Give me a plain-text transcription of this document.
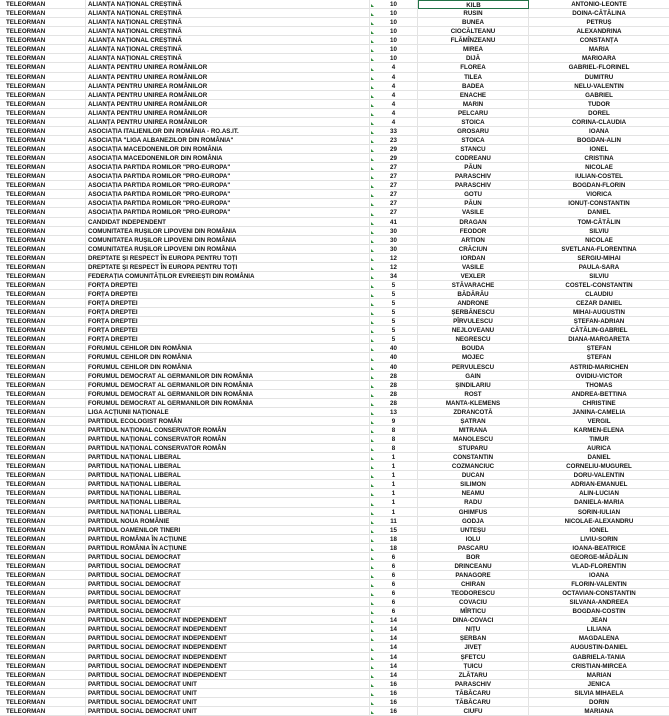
TELEORMAN	ALIANȚA NAȚIONAL CREȘTINĂ	10	KILB	ANTONIO-LEONTE
TELEORMAN	ALIANȚA NAȚIONAL CREȘTINĂ	10	RUSIN	DOINA-CĂTĂLINA
TELEORMAN	ALIANȚA NAȚIONAL CREȘTINĂ	10	BUNEA	PETRUȘ
TELEORMAN	ALIANȚA NAȚIONAL CREȘTINĂ	10	CIOCĂLTEANU	ALEXANDRINA
TELEORMAN	ALIANȚA NAȚIONAL CREȘTINĂ	10	FLĂMÎNZEANU	CONSTANȚA
TELEORMAN	ALIANȚA NAȚIONAL CREȘTINĂ	10	MIREA	MARIA
TELEORMAN	ALIANȚA NAȚIONAL CREȘTINĂ	10	DIJĂ	MARIOARA
TELEORMAN	ALIANȚA PENTRU UNIREA ROMÂNILOR	4	FLOREA	GABRIEL-FLORINEL
TELEORMAN	ALIANȚA PENTRU UNIREA ROMÂNILOR	4	TILEA	DUMITRU
TELEORMAN	ALIANȚA PENTRU UNIREA ROMÂNILOR	4	BADEA	NELU-VALENTIN
TELEORMAN	ALIANȚA PENTRU UNIREA ROMÂNILOR	4	ENACHE	GABRIEL
TELEORMAN	ALIANȚA PENTRU UNIREA ROMÂNILOR	4	MARIN	TUDOR
TELEORMAN	ALIANȚA PENTRU UNIREA ROMÂNILOR	4	PELCARU	DOREL
TELEORMAN	ALIANȚA PENTRU UNIREA ROMÂNILOR	4	STOICA	CORINA-CLAUDIA
TELEORMAN	ASOCIAȚIA ITALIENILOR DIN ROMÂNIA - RO.AS.IT.	33	GROSARU	IOANA
TELEORMAN	ASOCIAȚIA "LIGA ALBANEZILOR DIN ROMÂNIA"	23	STOICA	BOGDAN-ALIN
TELEORMAN	ASOCIAȚIA MACEDONENILOR DIN ROMÂNIA	29	STANCU	IONEL
TELEORMAN	ASOCIAȚIA MACEDONENILOR DIN ROMÂNIA	29	CODREANU	CRISTINA
TELEORMAN	ASOCIAȚIA PARTIDA ROMILOR "PRO-EUROPA"	27	PĂUN	NICOLAE
TELEORMAN	ASOCIAȚIA PARTIDA ROMILOR "PRO-EUROPA"	27	PARASCHIV	IULIAN-COSTEL
TELEORMAN	ASOCIAȚIA PARTIDA ROMILOR "PRO-EUROPA"	27	PARASCHIV	BOGDAN-FLORIN
TELEORMAN	ASOCIAȚIA PARTIDA ROMILOR "PRO-EUROPA"	27	GOTU	VIORICA
TELEORMAN	ASOCIAȚIA PARTIDA ROMILOR "PRO-EUROPA"	27	PĂUN	IONUȚ-CONSTANTIN
TELEORMAN	ASOCIAȚIA PARTIDA ROMILOR "PRO-EUROPA"	27	VASILE	DANIEL
TELEORMAN	CANDIDAT INDEPENDENT	41	DRAGAN	TOM-CĂTĂLIN
TELEORMAN	COMUNITATEA RUȘILOR LIPOVENI DIN ROMÂNIA	30	FEODOR	SILVIU
TELEORMAN	COMUNITATEA RUȘILOR LIPOVENI DIN ROMÂNIA	30	ARTION	NICOLAE
TELEORMAN	COMUNITATEA RUȘILOR LIPOVENI DIN ROMÂNIA	30	CRĂCIUN	SVETLANA-FLORENTINA
TELEORMAN	DREPTATE ȘI RESPECT ÎN EUROPA PENTRU TOȚI	12	IORDAN	SERGIU-MIHAI
TELEORMAN	DREPTATE ȘI RESPECT ÎN EUROPA PENTRU TOȚI	12	VASILE	PAULA-SARA
TELEORMAN	FEDERAȚIA COMUNITĂȚILOR EVREIEȘTI DIN ROMÂNIA	34	VEXLER	SILVIU
TELEORMAN	FORȚA DREPTEI	5	STĂVARACHE	COSTEL-CONSTANTIN
TELEORMAN	FORȚA DREPTEI	5	BĂDĂRĂU	CLAUDIU
TELEORMAN	FORȚA DREPTEI	5	ANDRONE	CEZAR DANIEL
TELEORMAN	FORȚA DREPTEI	5	ȘERBĂNESCU	MIHAI-AUGUSTIN
TELEORMAN	FORȚA DREPTEI	5	PÎRVULESCU	ȘTEFAN-ADRIAN
TELEORMAN	FORȚA DREPTEI	5	NEJLOVEANU	CĂTĂLIN-GABRIEL
TELEORMAN	FORȚA DREPTEI	5	NEGRESCU	DIANA-MARGARETA
TELEORMAN	FORUMUL CEHILOR DIN ROMÂNIA	40	BOUDA	ȘTEFAN
TELEORMAN	FORUMUL CEHILOR DIN ROMÂNIA	40	MOJEC	ȘTEFAN
TELEORMAN	FORUMUL CEHILOR DIN ROMÂNIA	40	PERVULESCU	ASTRID-MARICHEN
TELEORMAN	FORUMUL DEMOCRAT AL GERMANILOR DIN ROMÂNIA	28	GAIN	OVIDIU-VICTOR
TELEORMAN	FORUMUL DEMOCRAT AL GERMANILOR DIN ROMÂNIA	28	ȘINDILARIU	THOMAS
TELEORMAN	FORUMUL DEMOCRAT AL GERMANILOR DIN ROMÂNIA	28	ROST	ANDREA-BETTINA
TELEORMAN	FORUMUL DEMOCRAT AL GERMANILOR DIN ROMÂNIA	28	MANTA-KLEMENS	CHRISTINE
TELEORMAN	LIGA ACȚIUNII NAȚIONALE	13	ZDRANCOTĂ	JANINA-CAMELIA
TELEORMAN	PARTIDUL ECOLOGIST ROMÂN	9	ȘATRAN	VERGIL
TELEORMAN	PARTIDUL NAȚIONAL CONSERVATOR ROMÂN	8	MITRANA	KARMEN-ELENA
TELEORMAN	PARTIDUL NAȚIONAL CONSERVATOR ROMÂN	8	MANOLESCU	TIMUR
TELEORMAN	PARTIDUL NAȚIONAL CONSERVATOR ROMÂN	8	STUPARU	AURICA
TELEORMAN	PARTIDUL NAȚIONAL LIBERAL	1	CONSTANTIN	DANIEL
TELEORMAN	PARTIDUL NAȚIONAL LIBERAL	1	COZMANCIUC	CORNELIU-MUGUREL
TELEORMAN	PARTIDUL NAȚIONAL LIBERAL	1	DUCAN	DORU-VALENTIN
TELEORMAN	PARTIDUL NAȚIONAL LIBERAL	1	SILIMON	ADRIAN-EMANUEL
TELEORMAN	PARTIDUL NAȚIONAL LIBERAL	1	NEAMU	ALIN-LUCIAN
TELEORMAN	PARTIDUL NAȚIONAL LIBERAL	1	RADU	DANIELA-MARIA
TELEORMAN	PARTIDUL NAȚIONAL LIBERAL	1	GHIMFUS	SORIN-IULIAN
TELEORMAN	PARTIDUL NOUA ROMÂNIE	11	GODJA	NICOLAE-ALEXANDRU
TELEORMAN	PARTIDUL OAMENILOR TINERI	15	UNTEȘU	IONEL
TELEORMAN	PARTIDUL ROMÂNIA ÎN ACȚIUNE	18	IOLU	LIVIU-SORIN
TELEORMAN	PARTIDUL ROMÂNIA ÎN ACȚIUNE	18	PASCARU	IOANA-BEATRICE
TELEORMAN	PARTIDUL SOCIAL DEMOCRAT	6	BOR	GEORGE-MĂDĂLIN
TELEORMAN	PARTIDUL SOCIAL DEMOCRAT	6	DRINCEANU	VLAD-FLORENTIN
TELEORMAN	PARTIDUL SOCIAL DEMOCRAT	6	PANAGORE	IOANA
TELEORMAN	PARTIDUL SOCIAL DEMOCRAT	6	CHIRAN	FLORIN-VALENTIN
TELEORMAN	PARTIDUL SOCIAL DEMOCRAT	6	TEODORESCU	OCTAVIAN-CONSTANTIN
TELEORMAN	PARTIDUL SOCIAL DEMOCRAT	6	COVACIU	SILVANA-ANDREEA
TELEORMAN	PARTIDUL SOCIAL DEMOCRAT	6	MÎRTICU	BOGDAN-COSTIN
TELEORMAN	PARTIDUL SOCIAL DEMOCRAT INDEPENDENT	14	DINA-COVACI	JEAN
TELEORMAN	PARTIDUL SOCIAL DEMOCRAT INDEPENDENT	14	NIȚU	LILIANA
TELEORMAN	PARTIDUL SOCIAL DEMOCRAT INDEPENDENT	14	ȘERBAN	MAGDALENA
TELEORMAN	PARTIDUL SOCIAL DEMOCRAT INDEPENDENT	14	JIVEȚ	AUGUSTIN-DANIEL
TELEORMAN	PARTIDUL SOCIAL DEMOCRAT INDEPENDENT	14	ȘFETCU	GABRIELA-TANIA
TELEORMAN	PARTIDUL SOCIAL DEMOCRAT INDEPENDENT	14	ȚUICU	CRISTIAN-MIRCEA
TELEORMAN	PARTIDUL SOCIAL DEMOCRAT INDEPENDENT	14	ZLĂTARU	MARIAN
TELEORMAN	PARTIDUL SOCIAL DEMOCRAT UNIT	16	PARASCHIV	JENICA
TELEORMAN	PARTIDUL SOCIAL DEMOCRAT UNIT	16	TĂBĂCARU	SILVIA MIHAELA
TELEORMAN	PARTIDUL SOCIAL DEMOCRAT UNIT	16	TĂBĂCARU	DORIN
TELEORMAN	PARTIDUL SOCIAL DEMOCRAT UNIT	16	CIUFU	MARIANA
